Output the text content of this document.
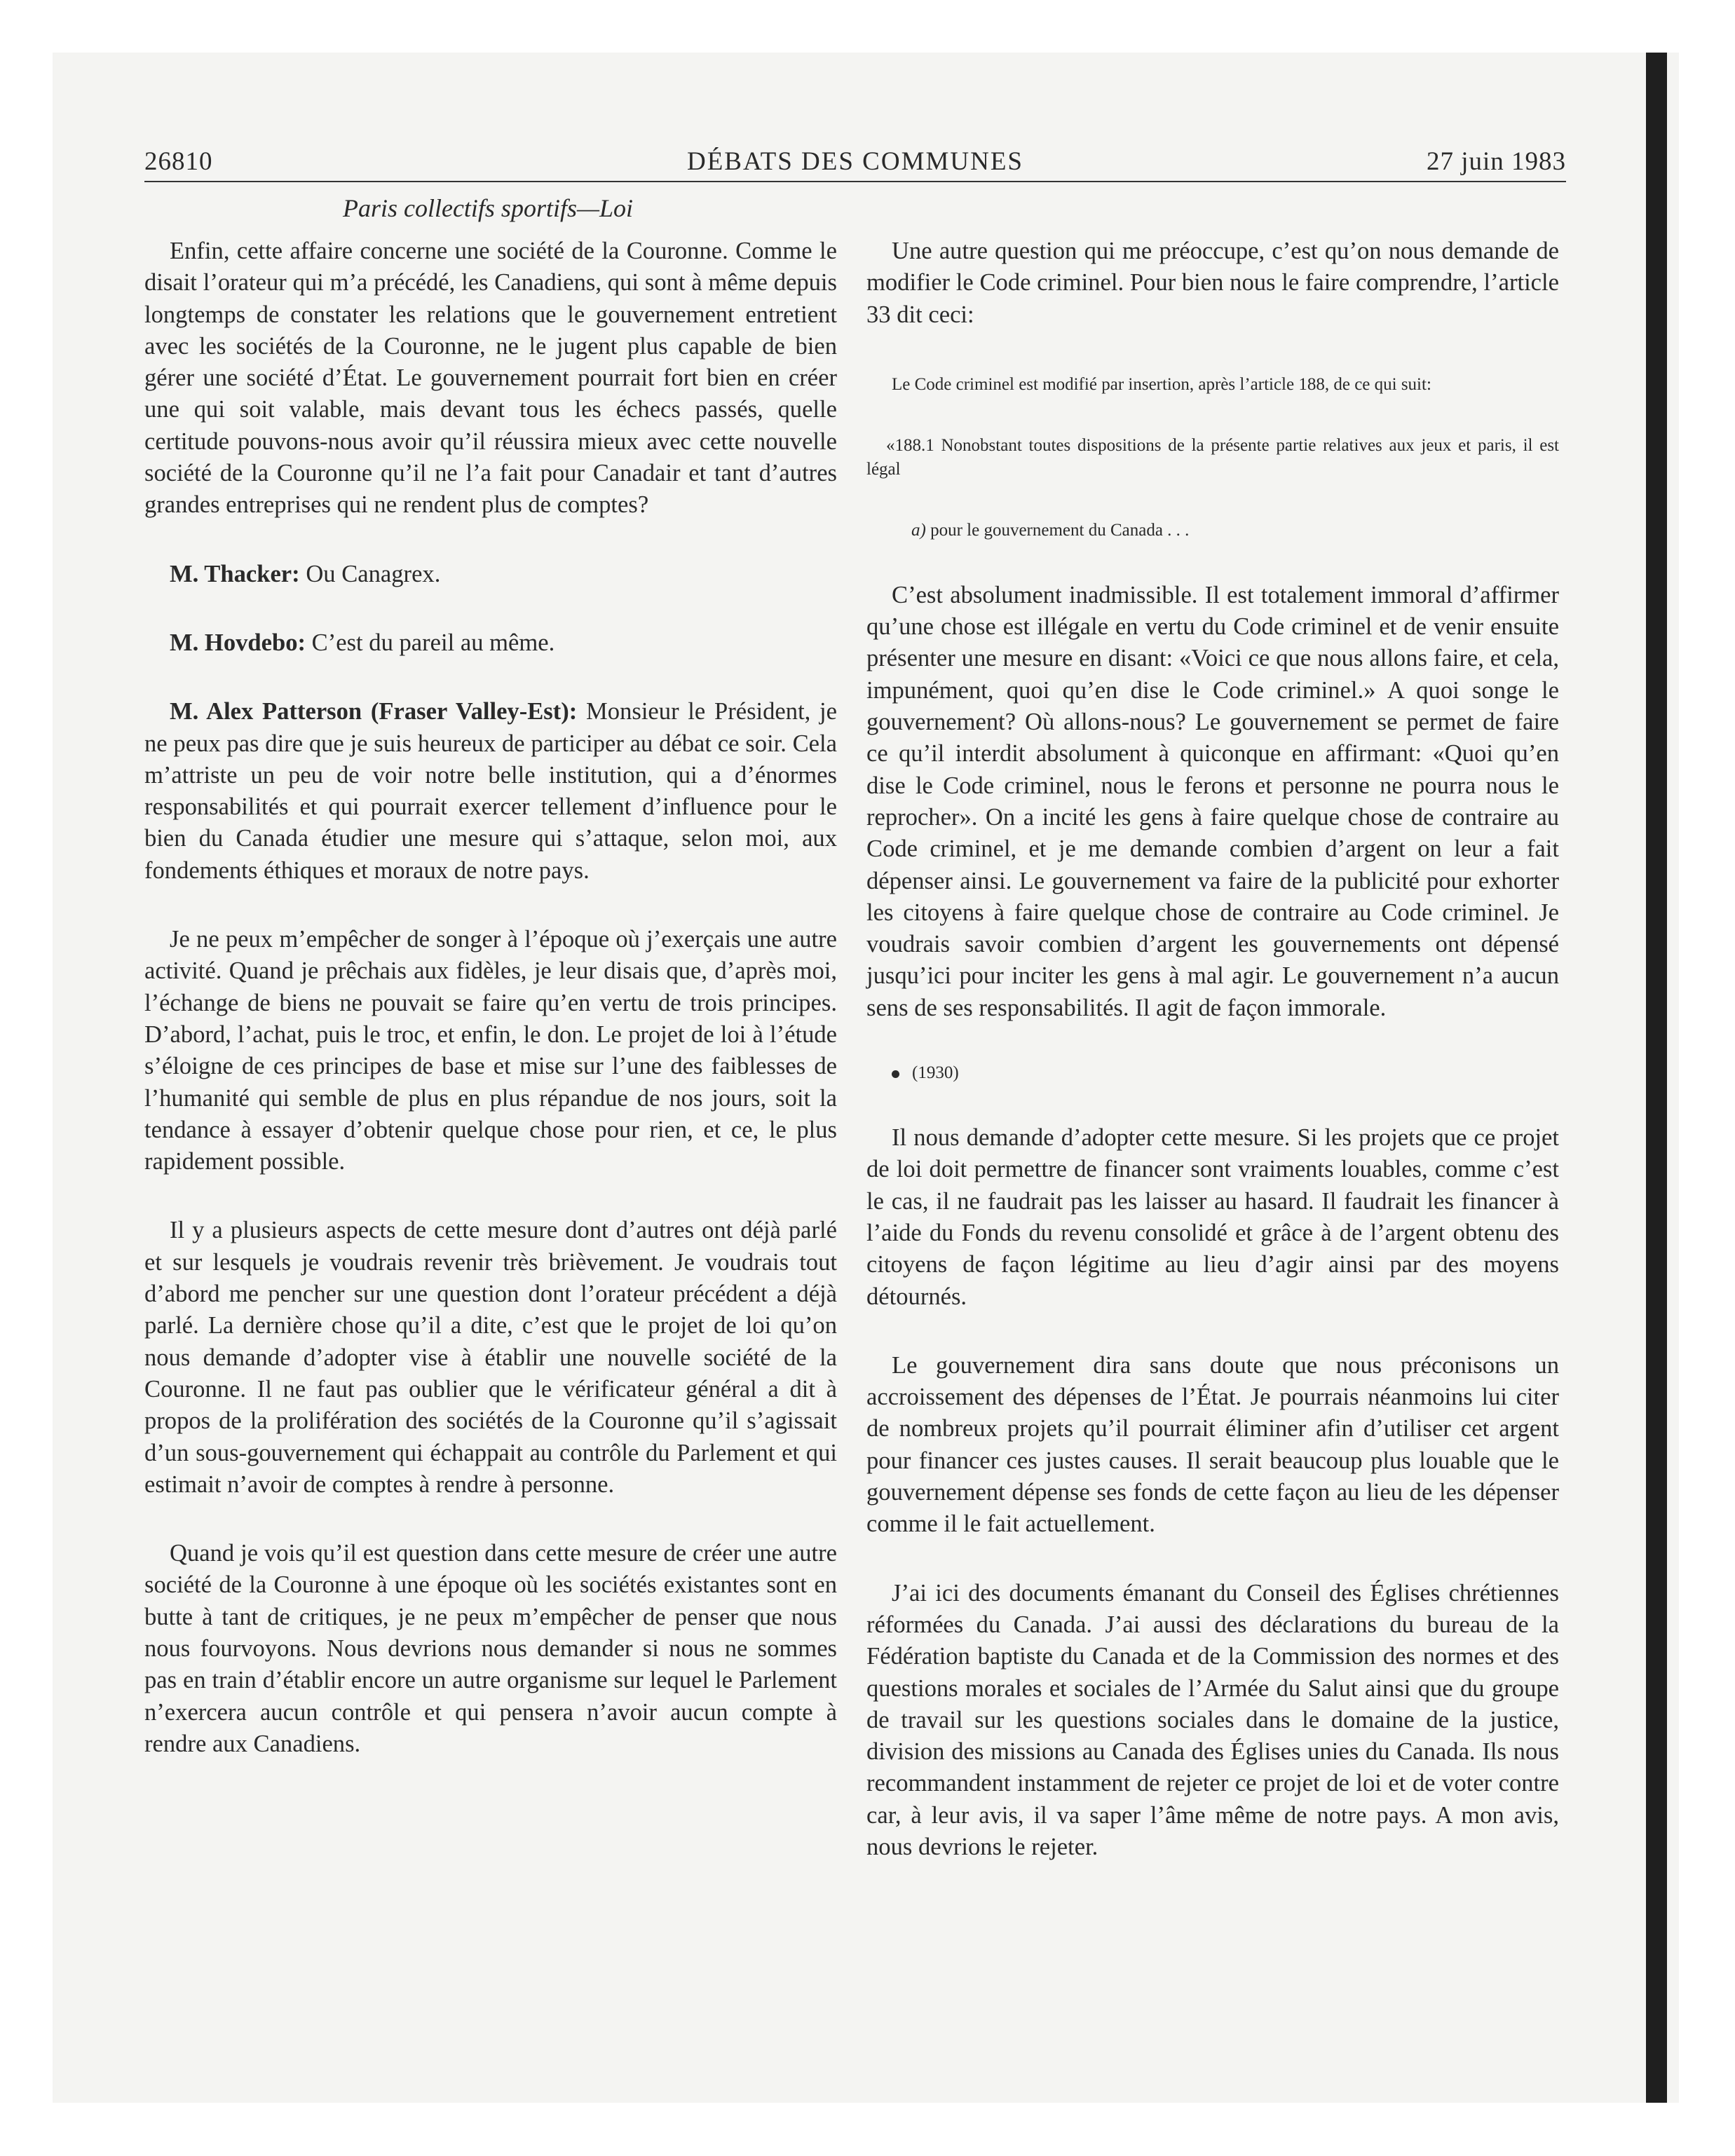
26810	DÉBATS DES COMMUNES	27 juin 1983
Paris collectifs sportifs—Loi

Enfin, cette affaire concerne une société de la Couronne. Comme le disait l’orateur qui m’a précédé, les Canadiens, qui sont à même depuis longtemps de constater les relations que le gouvernement entretient avec les sociétés de la Couronne, ne le jugent plus capable de bien gérer une société d’État. Le gouvernement pourrait fort bien en créer une qui soit valable, mais devant tous les échecs passés, quelle certitude pouvons-nous avoir qu’il réussira mieux avec cette nouvelle société de la Couronne qu’il ne l’a fait pour Canadair et tant d’autres grandes entreprises qui ne rendent plus de comptes?

M. Thacker: Ou Canagrex.

M. Hovdebo: C’est du pareil au même.

M. Alex Patterson (Fraser Valley-Est): Monsieur le Président, je ne peux pas dire que je suis heureux de participer au débat ce soir. Cela m’attriste un peu de voir notre belle institution, qui a d’énormes responsabilités et qui pourrait exercer tellement d’influence pour le bien du Canada étudier une mesure qui s’attaque, selon moi, aux fondements éthiques et moraux de notre pays.

Je ne peux m’empêcher de songer à l’époque où j’exerçais une autre activité. Quand je prêchais aux fidèles, je leur disais que, d’après moi, l’échange de biens ne pouvait se faire qu’en vertu de trois principes. D’abord, l’achat, puis le troc, et enfin, le don. Le projet de loi à l’étude s’éloigne de ces principes de base et mise sur l’une des faiblesses de l’humanité qui semble de plus en plus répandue de nos jours, soit la tendance à essayer d’obtenir quelque chose pour rien, et ce, le plus rapidement possible.

Il y a plusieurs aspects de cette mesure dont d’autres ont déjà parlé et sur lesquels je voudrais revenir très brièvement. Je voudrais tout d’abord me pencher sur une question dont l’orateur précédent a déjà parlé. La dernière chose qu’il a dite, c’est que le projet de loi qu’on nous demande d’adopter vise à établir une nouvelle société de la Couronne. Il ne faut pas oublier que le vérificateur général a dit à propos de la prolifération des sociétés de la Couronne qu’il s’agissait d’un sous-gouvernement qui échappait au contrôle du Parlement et qui estimait n’avoir de comptes à rendre à personne.

Quand je vois qu’il est question dans cette mesure de créer une autre société de la Couronne à une époque où les sociétés existantes sont en butte à tant de critiques, je ne peux m’empêcher de penser que nous nous fourvoyons. Nous devrions nous demander si nous ne sommes pas en train d’établir encore un autre organisme sur lequel le Parlement n’exercera aucun contrôle et qui pensera n’avoir aucun compte à rendre aux Canadiens.

Une autre question qui me préoccupe, c’est qu’on nous demande de modifier le Code criminel. Pour bien nous le faire comprendre, l’article 33 dit ceci:

Le Code criminel est modifié par insertion, après l’article 188, de ce qui suit:

«188.1 Nonobstant toutes dispositions de la présente partie relatives aux jeux et paris, il est légal

a) pour le gouvernement du Canada . . .

C’est absolument inadmissible. Il est totalement immoral d’affirmer qu’une chose est illégale en vertu du Code criminel et de venir ensuite présenter une mesure en disant: «Voici ce que nous allons faire, et cela, impunément, quoi qu’en dise le Code criminel.» A quoi songe le gouvernement? Où allons-nous? Le gouvernement se permet de faire ce qu’il interdit absolument à quiconque en affirmant: «Quoi qu’en dise le Code criminel, nous le ferons et personne ne pourra nous le reprocher». On a incité les gens à faire quelque chose de contraire au Code criminel, et je me demande combien d’argent on leur a fait dépenser ainsi. Le gouvernement va faire de la publicité pour exhorter les citoyens à faire quelque chose de contraire au Code criminel. Je voudrais savoir combien d’argent les gouvernements ont dépensé jusqu’ici pour inciter les gens à mal agir. Le gouvernement n’a aucun sens de ses responsabilités. Il agit de façon immorale.

(1930)

Il nous demande d’adopter cette mesure. Si les projets que ce projet de loi doit permettre de financer sont vraiments louables, comme c’est le cas, il ne faudrait pas les laisser au hasard. Il faudrait les financer à l’aide du Fonds du revenu consolidé et grâce à de l’argent obtenu des citoyens de façon légitime au lieu d’agir ainsi par des moyens détournés.

Le gouvernement dira sans doute que nous préconisons un accroissement des dépenses de l’État. Je pourrais néanmoins lui citer de nombreux projets qu’il pourrait éliminer afin d’utiliser cet argent pour financer ces justes causes. Il serait beaucoup plus louable que le gouvernement dépense ses fonds de cette façon au lieu de les dépenser comme il le fait actuellement.

J’ai ici des documents émanant du Conseil des Églises chrétiennes réformées du Canada. J’ai aussi des déclarations du bureau de la Fédération baptiste du Canada et de la Commission des normes et des questions morales et sociales de l’Armée du Salut ainsi que du groupe de travail sur les questions sociales dans le domaine de la justice, division des missions au Canada des Églises unies du Canada. Ils nous recommandent instamment de rejeter ce projet de loi et de voter contre car, à leur avis, il va saper l’âme même de notre pays. A mon avis, nous devrions le rejeter.
